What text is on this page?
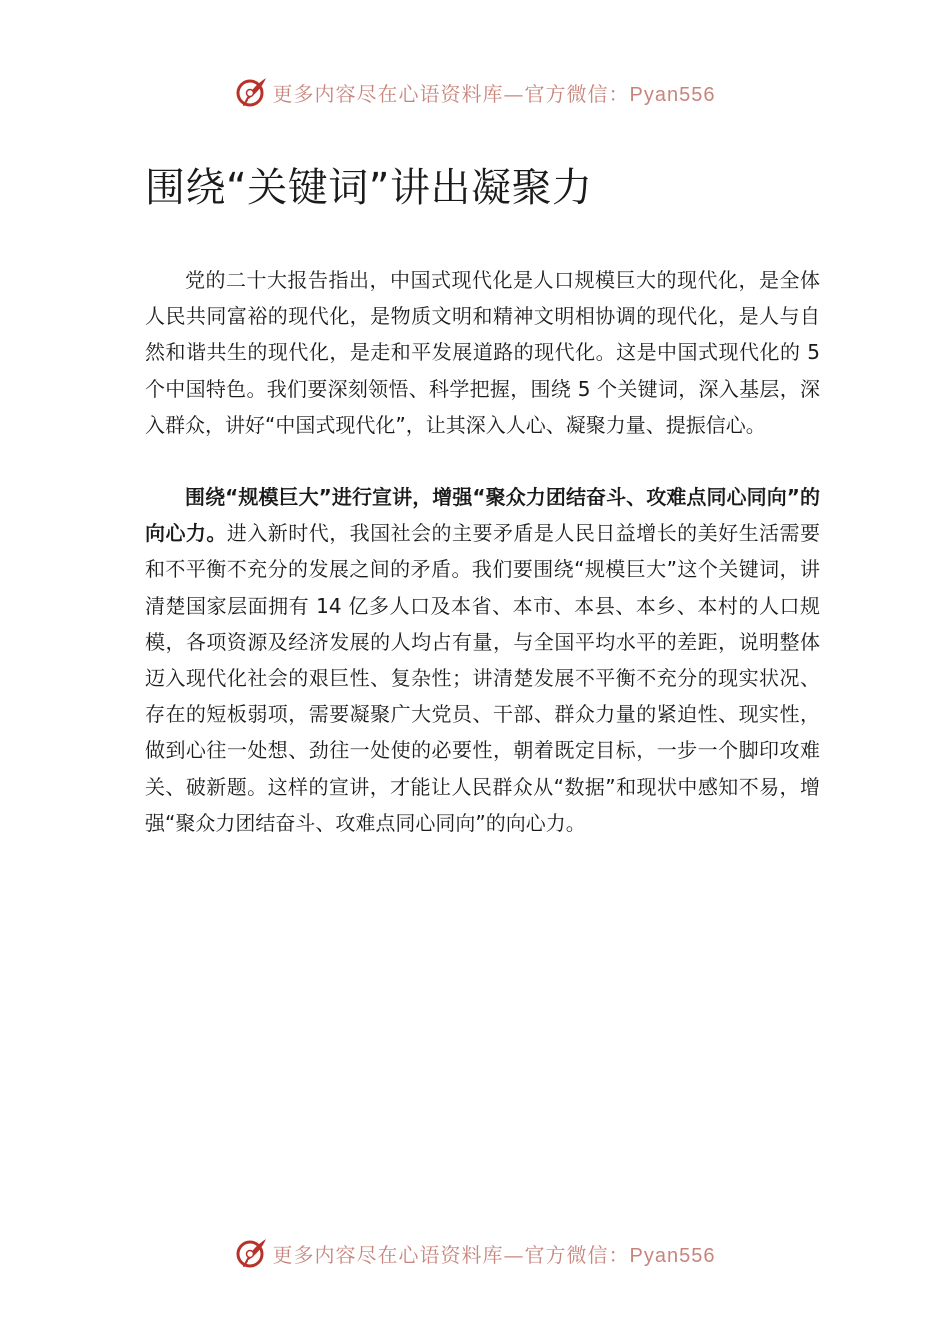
更多内容尽在心语资料库—官方微信：Pyan556
围绕“关键词”讲出凝聚力

党的二十大报告指出，中国式现代化是人口规模巨大的现代化，是全体人民共同富裕的现代化，是物质文明和精神文明相协调的现代化，是人与自然和谐共生的现代化，是走和平发展道路的现代化。这是中国式现代化的 5 个中国特色。我们要深刻领悟、科学把握，围绕 5 个关键词，深入基层，深入群众，讲好“中国式现代化”，让其深入人心、凝聚力量、提振信心。

围绕“规模巨大”进行宣讲，增强“聚众力团结奋斗、攻难点同心同向”的向心力。进入新时代，我国社会的主要矛盾是人民日益增长的美好生活需要和不平衡不充分的发展之间的矛盾。我们要围绕“规模巨大”这个关键词，讲清楚国家层面拥有 14 亿多人口及本省、本市、本县、本乡、本村的人口规模，各项资源及经济发展的人均占有量，与全国平均水平的差距，说明整体迈入现代化社会的艰巨性、复杂性；讲清楚发展不平衡不充分的现实状况、存在的短板弱项，需要凝聚广大党员、干部、群众力量的紧迫性、现实性，做到心往一处想、劲往一处使的必要性，朝着既定目标，一步一个脚印攻难关、破新题。这样的宣讲，才能让人民群众从“数据”和现状中感知不易，增强“聚众力团结奋斗、攻难点同心同向”的向心力。

更多内容尽在心语资料库—官方微信：Pyan556
